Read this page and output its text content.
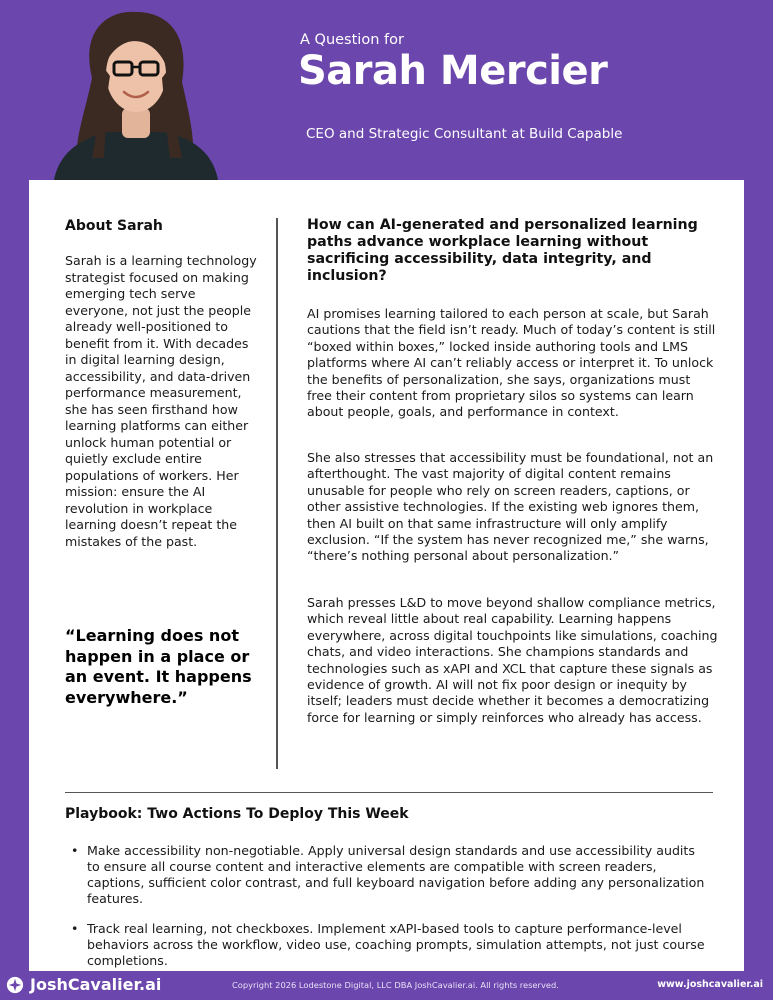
A Question for
Sarah Mercier
CEO and Strategic Consultant at Build Capable
About Sarah
Sarah is a learning technology strategist focused on making emerging tech serve everyone, not just the people already well-positioned to benefit from it. With decades in digital learning design, accessibility, and data-driven performance measurement, she has seen firsthand how learning platforms can either unlock human potential or quietly exclude entire populations of workers. Her mission: ensure the AI revolution in workplace learning doesn’t repeat the mistakes of the past.
“Learning does not happen in a place or an event. It happens everywhere.”
How can AI-generated and personalized learning paths advance workplace learning without sacrificing accessibility, data integrity, and inclusion?

AI promises learning tailored to each person at scale, but Sarah cautions that the field isn’t ready. Much of today’s content is still “boxed within boxes,” locked inside authoring tools and LMS platforms where AI can’t reliably access or interpret it. To unlock the benefits of personalization, she says, organizations must free their content from proprietary silos so systems can learn about people, goals, and performance in context.

She also stresses that accessibility must be foundational, not an afterthought. The vast majority of digital content remains unusable for people who rely on screen readers, captions, or other assistive technologies. If the existing web ignores them, then AI built on that same infrastructure will only amplify exclusion. “If the system has never recognized me,” she warns, “there’s nothing personal about personalization.”

Sarah presses L&D to move beyond shallow compliance metrics, which reveal little about real capability. Learning happens everywhere, across digital touchpoints like simulations, coaching chats, and video interactions. She champions standards and technologies such as xAPI and XCL that capture these signals as evidence of growth. AI will not fix poor design or inequity by itself; leaders must decide whether it becomes a democratizing force for learning or simply reinforces who already has access.

Playbook: Two Actions To Deploy This Week
• Make accessibility non-negotiable. Apply universal design standards and use accessibility audits to ensure all course content and interactive elements are compatible with screen readers, captions, sufficient color contrast, and full keyboard navigation before adding any personalization features.
• Track real learning, not checkboxes. Implement xAPI-based tools to capture performance-level behaviors across the workflow, video use, coaching prompts, simulation attempts, not just course completions.
JoshCavalier.ai	Copyright 2026 Lodestone Digital, LLC DBA JoshCavalier.ai. All rights reserved.	www.joshcavalier.ai
